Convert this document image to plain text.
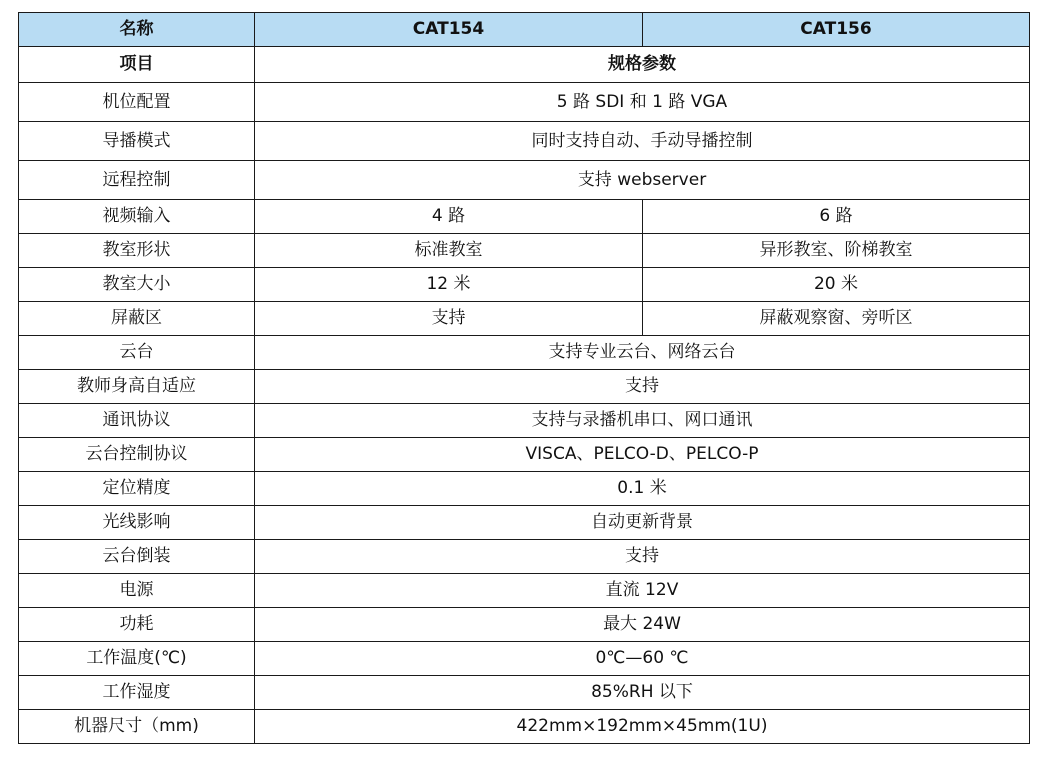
名称	CAT154	CAT156
项目	规格参数	
机位配置	5 路 SDI 和 1 路 VGA	
导播模式	同时支持自动、手动导播控制	
远程控制	支持 webserver	
视频输入	4 路	6 路
教室形状	标准教室	异形教室、阶梯教室
教室大小	12 米	20 米
屏蔽区	支持	屏蔽观察窗、旁听区
云台	支持专业云台、网络云台	
教师身高自适应	支持	
通讯协议	支持与录播机串口、网口通讯	
云台控制协议	VISCA、PELCO-D、PELCO-P	
定位精度	0.1 米	
光线影响	自动更新背景	
云台倒装	支持	
电源	直流 12V	
功耗	最大 24W	
工作温度(℃)	0℃—60 ℃	
工作湿度	85%RH 以下	
机器尺寸（mm)	422mm×192mm×45mm(1U)	
